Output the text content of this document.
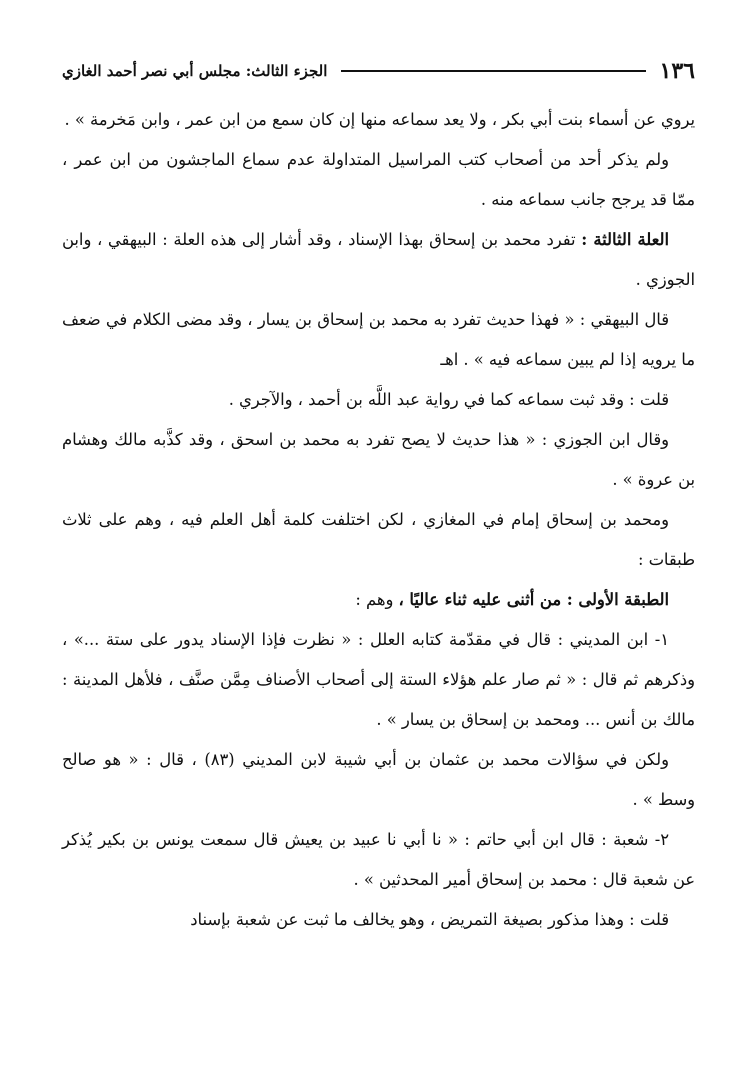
١٣٦
الجزء الثالث: مجلس أبي نصر أحمد الغازي

يروي عن أسماء بنت أبي بكر ، ولا يعد سماعه منها إن كان سمع من ابن عمر ، وابن مَخرمة » .

ولم يذكر أحد من أصحاب كتب المراسيل المتداولة عدم سماع الماجشون من ابن عمر ، ممّا قد يرجح جانب سماعه منه .

العلة الثالثة : تفرد محمد بن إسحاق بهذا الإسناد ، وقد أشار إلى هذه العلة : البيهقي ، وابن الجوزي .

قال البيهقي : « فهذا حديث تفرد به محمد بن إسحاق بن يسار ، وقد مضى الكلام في ضعف ما يرويه إذا لم يبين سماعه فيه » . اهـ

قلت : وقد ثبت سماعه كما في رواية عبد اللَّه بن أحمد ، والآجري .

وقال ابن الجوزي : « هذا حديث لا يصح تفرد به محمد بن اسحق ، وقد كذَّبه مالك وهشام بن عروة » .

ومحمد بن إسحاق إمام في المغازي ، لكن اختلفت كلمة أهل العلم فيه ، وهم على ثلاث طبقات :

الطبقة الأولى : من أثنى عليه ثناء عاليًا ، وهم :

١- ابن المديني : قال في مقدّمة كتابه العلل : « نظرت فإذا الإسناد يدور على ستة ...» ، وذكرهم ثم قال : « ثم صار علم هؤلاء الستة إلى أصحاب الأصناف مِمَّن صنَّف ، فلأهل المدينة : مالك بن أنس ... ومحمد بن إسحاق بن يسار » .

ولكن في سؤالات محمد بن عثمان بن أبي شيبة لابن المديني (٨٣) ، قال : « هو صالح وسط » .

٢- شعبة : قال ابن أبي حاتم : « نا أبي نا عبيد بن يعيش قال سمعت يونس بن بكير يُذكر عن شعبة قال : محمد بن إسحاق أمير المحدثين » .

قلت : وهذا مذكور بصيغة التمريض ، وهو يخالف ما ثبت عن شعبة بإسناد
